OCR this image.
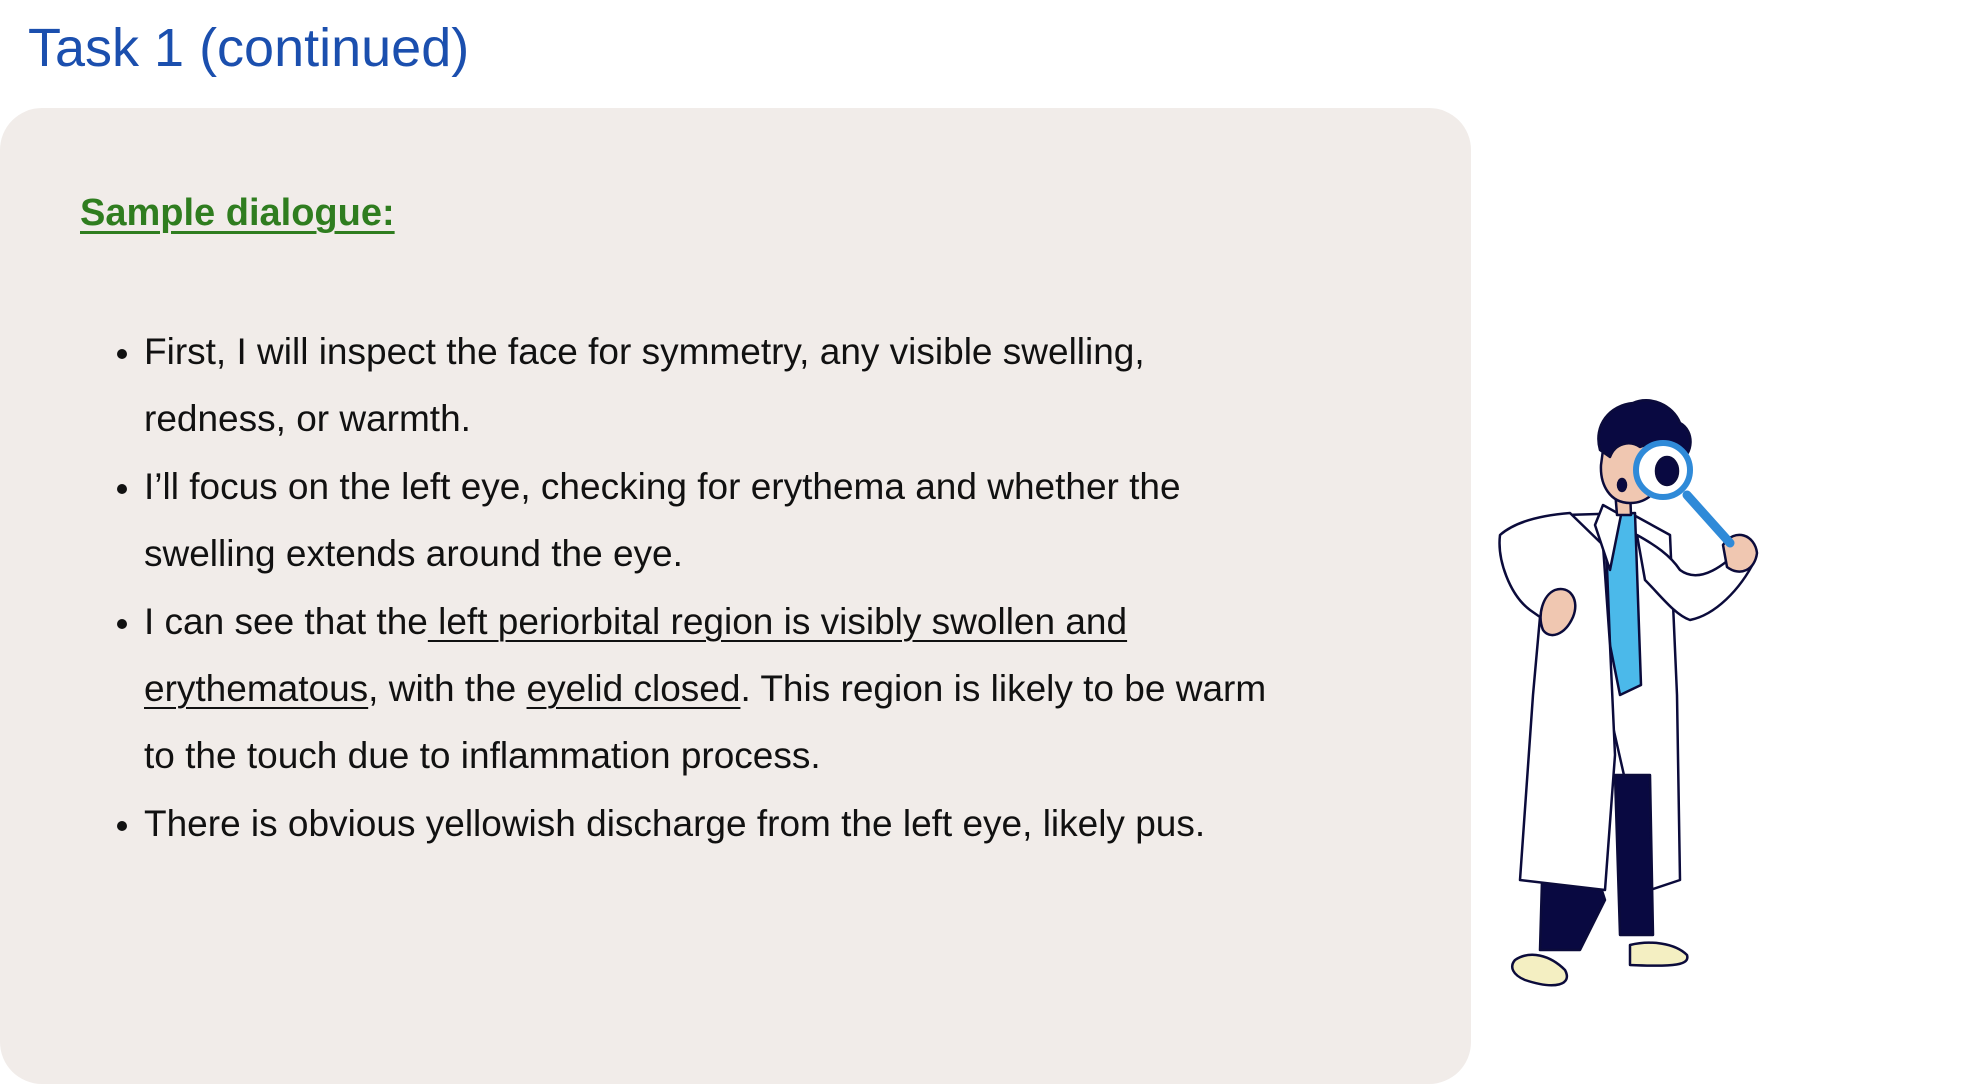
Task 1 (continued)
Sample dialogue:
• First, I will inspect the face for symmetry, any visible swelling, redness, or warmth.
• I’ll focus on the left eye, checking for erythema and whether the swelling extends around the eye.
• I can see that the left periorbital region is visibly swollen and erythematous, with the eyelid closed. This region is likely to be warm to the touch due to inflammation process.
• There is obvious yellowish discharge from the left eye, likely pus.
